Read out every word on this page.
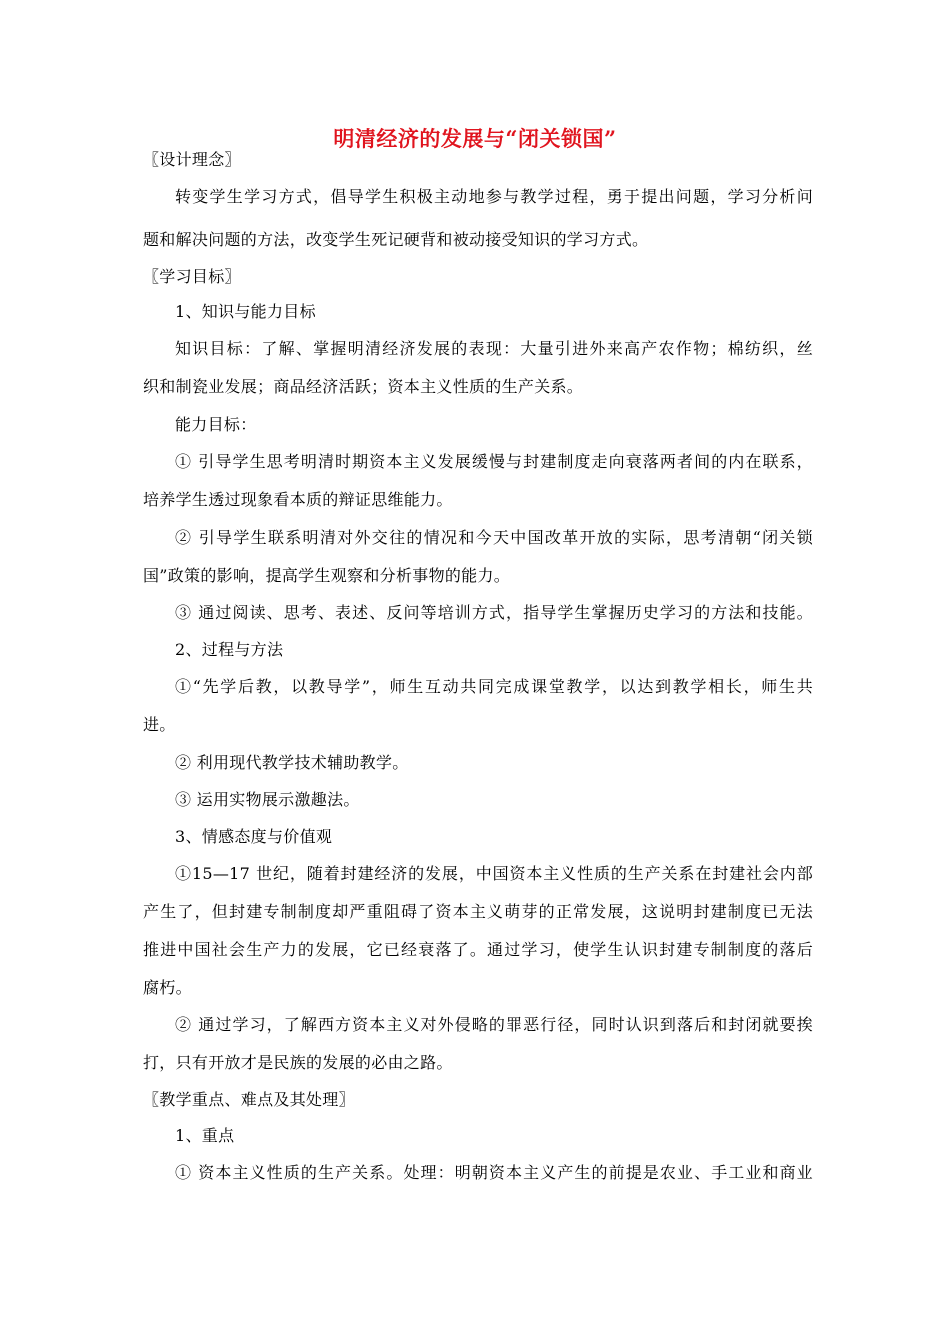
明清经济的发展与“闭关锁国”
〖设计理念〗
转变学生学习方式，倡导学生积极主动地参与教学过程，勇于提出问题，学习分析问
题和解决问题的方法，改变学生死记硬背和被动接受知识的学习方式。
〖学习目标〗
1、知识与能力目标
知识目标：了解、掌握明清经济发展的表现：大量引进外来高产农作物；棉纺织，丝
织和制瓷业发展；商品经济活跃；资本主义性质的生产关系。
能力目标：
① 引导学生思考明清时期资本主义发展缓慢与封建制度走向衰落两者间的内在联系，
培养学生透过现象看本质的辩证思维能力。
② 引导学生联系明清对外交往的情况和今天中国改革开放的实际，思考清朝“闭关锁
国”政策的影响，提高学生观察和分析事物的能力。
③ 通过阅读、思考、表述、反问等培训方式，指导学生掌握历史学习的方法和技能。
2、过程与方法
①“先学后教，以教导学”，师生互动共同完成课堂教学，以达到教学相长，师生共
进。
② 利用现代教学技术辅助教学。
③ 运用实物展示激趣法。
3、情感态度与价值观
①15—17 世纪，随着封建经济的发展，中国资本主义性质的生产关系在封建社会内部
产生了，但封建专制制度却严重阻碍了资本主义萌芽的正常发展，这说明封建制度已无法
推进中国社会生产力的发展，它已经衰落了。通过学习，使学生认识封建专制制度的落后
腐朽。
② 通过学习，了解西方资本主义对外侵略的罪恶行径，同时认识到落后和封闭就要挨
打，只有开放才是民族的发展的必由之路。
〖教学重点、难点及其处理〗
1、重点
① 资本主义性质的生产关系。处理：明朝资本主义产生的前提是农业、手工业和商业
